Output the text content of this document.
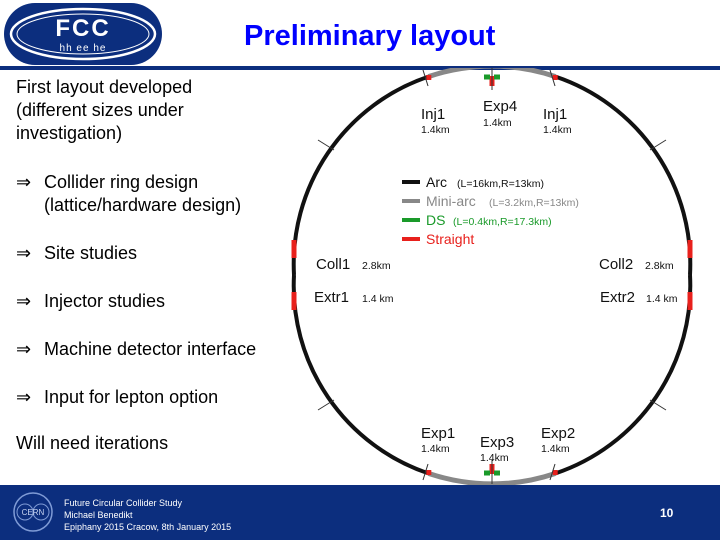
FCC
hh ee he	Preliminary layout
First layout developed
(different sizes under
investigation)
⇒ Collider ring design
(lattice/hardware design)
⇒ Site studies
⇒ Injector studies
⇒ Machine detector interface
⇒ Input for lepton option
Will need iterations
Arc (L=16km,R=13km)
Mini-arc (L=3.2km,R=13km)
DS (L=0.4km,R=17.3km)
Straight
Inj1
1.4km
Exp4
1.4km Inj1
1.4km
Coll1 2.8km	Coll2 2.8km
Extr1 1.4 km	Extr2 1.4 km
Exp1
1.4km Exp3
1.4km
Exp2
1.4km
CERN
Future Circular Collider Study
Michael Benedikt
Epiphany 2015 Cracow, 8th January 2015
10
